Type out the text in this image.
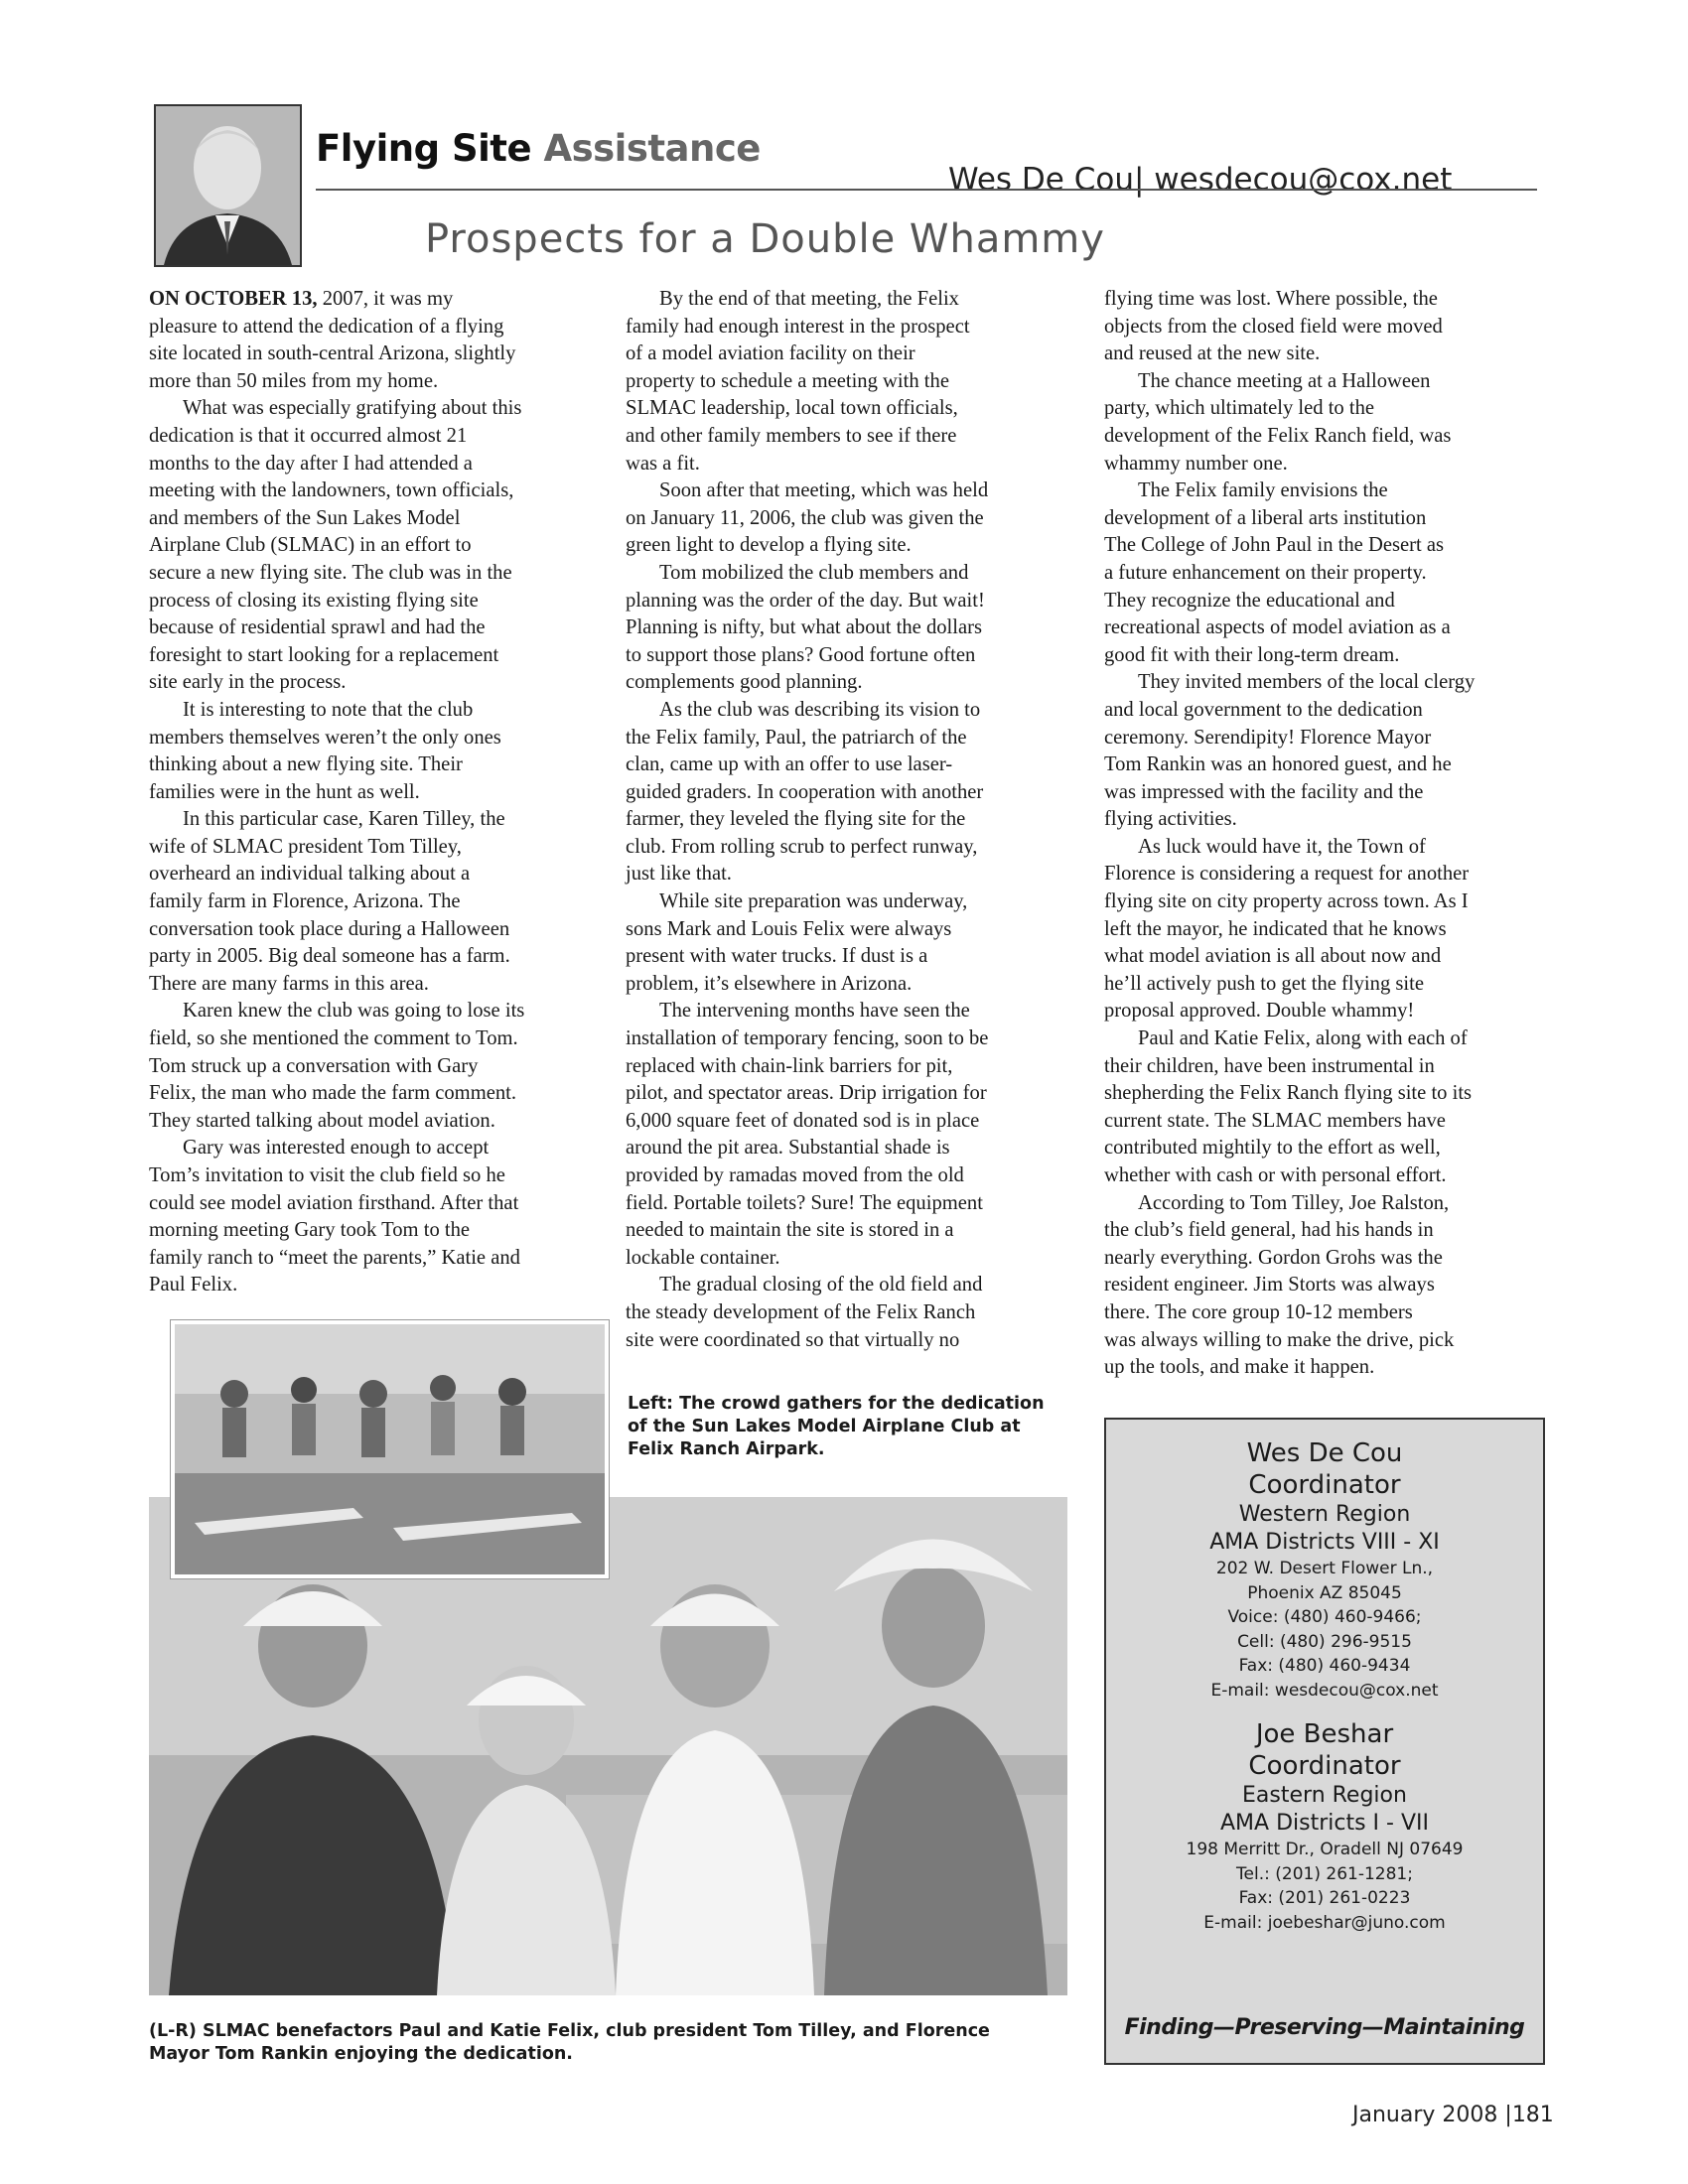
Flying Site Assistance
Wes De Cou| wesdecou@cox.net
Prospects for a Double Whammy
ON OCTOBER 13, 2007, it was my
pleasure to attend the dedication of a flying
site located in south-central Arizona, slightly
more than 50 miles from my home.
What was especially gratifying about this
dedication is that it occurred almost 21
months to the day after I had attended a
meeting with the landowners, town officials,
and members of the Sun Lakes Model
Airplane Club (SLMAC) in an effort to
secure a new flying site. The club was in the
process of closing its existing flying site
because of residential sprawl and had the
foresight to start looking for a replacement
site early in the process.
It is interesting to note that the club
members themselves weren’t the only ones
thinking about a new flying site. Their
families were in the hunt as well.
In this particular case, Karen Tilley, the
wife of SLMAC president Tom Tilley,
overheard an individual talking about a
family farm in Florence, Arizona. The
conversation took place during a Halloween
party in 2005. Big deal someone has a farm.
There are many farms in this area.
Karen knew the club was going to lose its
field, so she mentioned the comment to Tom.
Tom struck up a conversation with Gary
Felix, the man who made the farm comment.
They started talking about model aviation.
Gary was interested enough to accept
Tom’s invitation to visit the club field so he
could see model aviation firsthand. After that
morning meeting Gary took Tom to the
family ranch to “meet the parents,” Katie and
Paul Felix.
By the end of that meeting, the Felix
family had enough interest in the prospect
of a model aviation facility on their
property to schedule a meeting with the
SLMAC leadership, local town officials,
and other family members to see if there
was a fit.
Soon after that meeting, which was held
on January 11, 2006, the club was given the
green light to develop a flying site.
Tom mobilized the club members and
planning was the order of the day. But wait!
Planning is nifty, but what about the dollars
to support those plans? Good fortune often
complements good planning.
As the club was describing its vision to
the Felix family, Paul, the patriarch of the
clan, came up with an offer to use laser-
guided graders. In cooperation with another
farmer, they leveled the flying site for the
club. From rolling scrub to perfect runway,
just like that.
While site preparation was underway,
sons Mark and Louis Felix were always
present with water trucks. If dust is a
problem, it’s elsewhere in Arizona.
The intervening months have seen the
installation of temporary fencing, soon to be
replaced with chain-link barriers for pit,
pilot, and spectator areas. Drip irrigation for
6,000 square feet of donated sod is in place
around the pit area. Substantial shade is
provided by ramadas moved from the old
field. Portable toilets? Sure! The equipment
needed to maintain the site is stored in a
lockable container.
The gradual closing of the old field and
the steady development of the Felix Ranch
site were coordinated so that virtually no
flying time was lost. Where possible, the
objects from the closed field were moved
and reused at the new site.
The chance meeting at a Halloween
party, which ultimately led to the
development of the Felix Ranch field, was
whammy number one.
The Felix family envisions the
development of a liberal arts institution
The College of John Paul in the Desert as
a future enhancement on their property.
They recognize the educational and
recreational aspects of model aviation as a
good fit with their long-term dream.
They invited members of the local clergy
and local government to the dedication
ceremony. Serendipity! Florence Mayor
Tom Rankin was an honored guest, and he
was impressed with the facility and the
flying activities.
As luck would have it, the Town of
Florence is considering a request for another
flying site on city property across town. As I
left the mayor, he indicated that he knows
what model aviation is all about now and
he’ll actively push to get the flying site
proposal approved. Double whammy!
Paul and Katie Felix, along with each of
their children, have been instrumental in
shepherding the Felix Ranch flying site to its
current state. The SLMAC members have
contributed mightily to the effort as well,
whether with cash or with personal effort.
According to Tom Tilley, Joe Ralston,
the club’s field general, had his hands in
nearly everything. Gordon Grohs was the
resident engineer. Jim Storts was always
there. The core group 10-12 members
was always willing to make the drive, pick
up the tools, and make it happen.
Left: The crowd gathers for the dedication
of the Sun Lakes Model Airplane Club at
Felix Ranch Airpark.
(L-R) SLMAC benefactors Paul and Katie Felix, club president Tom Tilley, and Florence
Mayor Tom Rankin enjoying the dedication.
Wes De Cou
Coordinator
Western Region
AMA Districts VIII - XI
202 W. Desert Flower Ln.,
Phoenix AZ 85045
Voice: (480) 460-9466;
Cell: (480) 296-9515
Fax: (480) 460-9434
E-mail: wesdecou@cox.net
Joe Beshar
Coordinator
Eastern Region
AMA Districts I - VII
198 Merritt Dr., Oradell NJ 07649
Tel.: (201) 261-1281;
Fax: (201) 261-0223
E-mail: joebeshar@juno.com
Finding—Preserving—Maintaining
January 2008 |181
